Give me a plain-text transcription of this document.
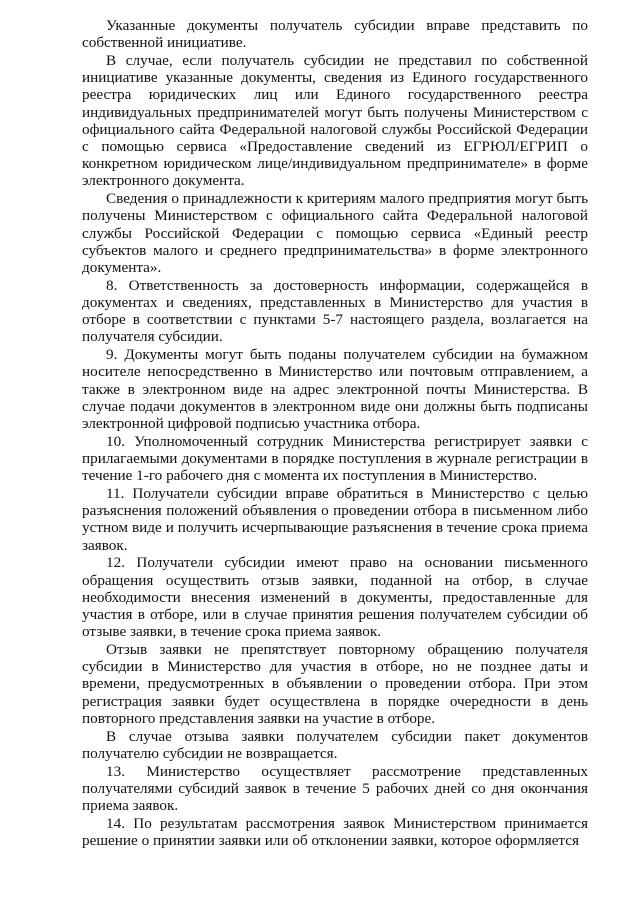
Указанные документы получатель субсидии вправе представить по собственной инициативе.

В случае, если получатель субсидии не представил по собственной инициативе указанные документы, сведения из Единого государственного реестра юридических лиц или Единого государственного реестра индивидуальных предпринимателей могут быть получены Министерством с официального сайта Федеральной налоговой службы Российской Федерации с помощью сервиса «Предоставление сведений из ЕГРЮЛ/ЕГРИП о конкретном юридическом лице/индивидуальном предпринимателе» в форме электронного документа.

Сведения о принадлежности к критериям малого предприятия могут быть получены Министерством с официального сайта Федеральной налоговой службы Российской Федерации с помощью сервиса «Единый реестр субъектов малого и среднего предпринимательства» в форме электронного документа».

8. Ответственность за достоверность информации, содержащейся в документах и сведениях, представленных в Министерство для участия в отборе в соответствии с пунктами 5-7 настоящего раздела, возлагается на получателя субсидии.

9. Документы могут быть поданы получателем субсидии на бумажном носителе непосредственно в Министерство или почтовым отправлением, а также в электронном виде на адрес электронной почты Министерства. В случае подачи документов в электронном виде они должны быть подписаны электронной цифровой подписью участника отбора.

10. Уполномоченный сотрудник Министерства регистрирует заявки с прилагаемыми документами в порядке поступления в журнале регистрации в течение 1-го рабочего дня с момента их поступления в Министерство.

11. Получатели субсидии вправе обратиться в Министерство с целью разъяснения положений объявления о проведении отбора в письменном либо устном виде и получить исчерпывающие разъяснения в течение срока приема заявок.

12. Получатели субсидии имеют право на основании письменного обращения осуществить отзыв заявки, поданной на отбор, в случае необходимости внесения изменений в документы, предоставленные для участия в отборе, или в случае принятия решения получателем субсидии об отзыве заявки, в течение срока приема заявок.

Отзыв заявки не препятствует повторному обращению получателя субсидии в Министерство для участия в отборе, но не позднее даты и времени, предусмотренных в объявлении о проведении отбора. При этом регистрация заявки будет осуществлена в порядке очередности в день повторного представления заявки на участие в отборе.

В случае отзыва заявки получателем субсидии пакет документов получателю субсидии не возвращается.

13. Министерство осуществляет рассмотрение представленных получателями субсидий заявок в течение 5 рабочих дней со дня окончания приема заявок.

14. По результатам рассмотрения заявок Министерством принимается решение о принятии заявки или об отклонении заявки, которое оформляется
